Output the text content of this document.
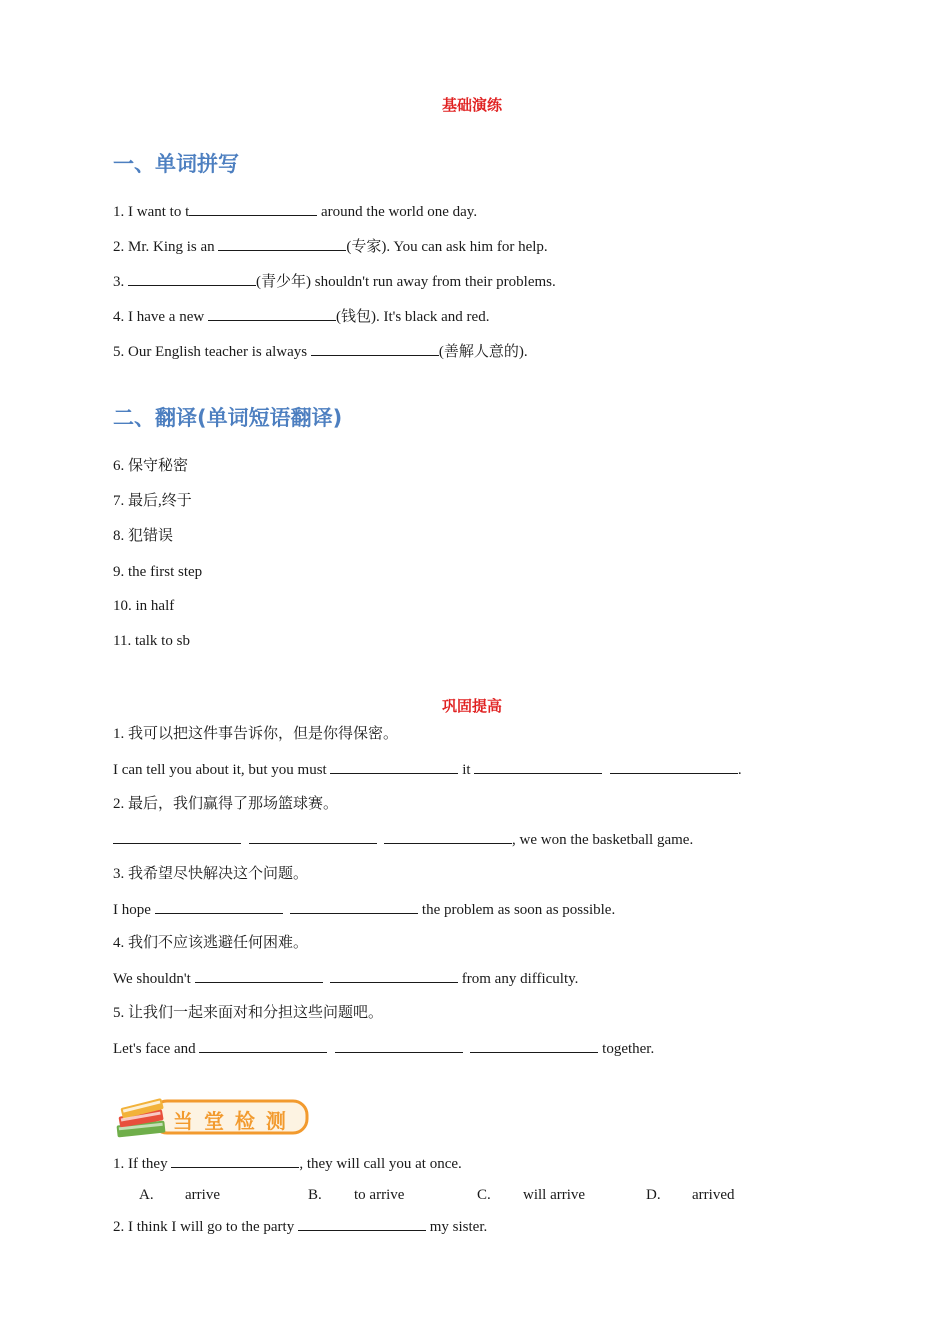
基础演练
一、单词拼写
1. I want to t	around the world one day.
2. Mr. King is an	(专家). You can ask him for help.
3.	(青少年) shouldn't run away from their problems.
4. I have a new	(钱包). It's black and red.
5. Our English teacher is always	(善解人意的).
二、翻译(单词短语翻译)
6. 保守秘密
7. 最后,终于
8. 犯错误
9. the first step
10. in half
11. talk to sb
巩固提高
1. 我可以把这件事告诉你，但是你得保密。
I can tell you about it, but you must	it	.
2. 最后，我们赢得了那场篮球赛。
, we won the basketball game.
3. 我希望尽快解决这个问题。
I hope	the problem as soon as possible.
4. 我们不应该逃避任何困难。
We shouldn't	from any difficulty.
5. 让我们一起来面对和分担这些问题吧。
Let's face and	together.
当 堂 检 测
1. If they	, they will call you at once.
A. arrive	B. to arrive	C. will arrive	D. arrived
2. I think I will go to the party	my sister.
